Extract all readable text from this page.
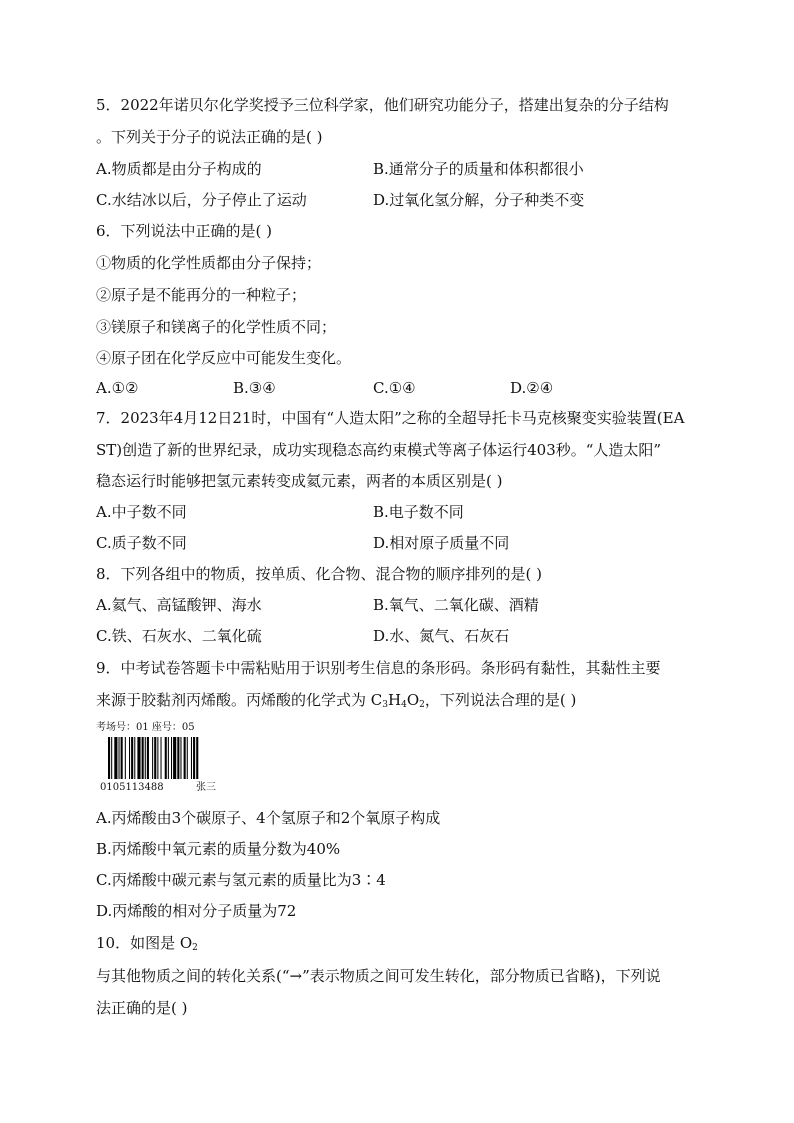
5．2022年诺贝尔化学奖授予三位科学家，他们研究功能分子，搭建出复杂的分子结构
。下列关于分子的说法正确的是( )
A.物质都是由分子构成的	B.通常分子的质量和体积都很小
C.水结冰以后，分子停止了运动	D.过氧化氢分解，分子种类不变
6．下列说法中正确的是( )
①物质的化学性质都由分子保持；
②原子是不能再分的一种粒子；
③镁原子和镁离子的化学性质不同；
④原子团在化学反应中可能发生变化。
A.①②	B.③④	C.①④	D.②④
7．2023年4月12日21时，中国有“人造太阳”之称的全超导托卡马克核聚变实验装置(EA
ST)创造了新的世界纪录，成功实现稳态高约束模式等离子体运行403秒。“人造太阳”
稳态运行时能够把氢元素转变成氦元素，两者的本质区别是( )
A.中子数不同	B.电子数不同
C.质子数不同	D.相对原子质量不同
8．下列各组中的物质，按单质、化合物、混合物的顺序排列的是( )
A.氦气、高锰酸钾、海水	B.氧气、二氧化碳、酒精
C.铁、石灰水、二氧化硫	D.水、氮气、石灰石
9．中考试卷答题卡中需粘贴用于识别考生信息的条形码。条形码有黏性，其黏性主要
来源于胶黏剂丙烯酸。丙烯酸的化学式为 $C_3H_4O_2$，下列说法合理的是( )
考场号：01 座号：05
0105113488	张三
A.丙烯酸由3个碳原子、4个氢原子和2个氧原子构成
B.丙烯酸中氧元素的质量分数为40%
C.丙烯酸中碳元素与氢元素的质量比为3∶4
D.丙烯酸的相对分子质量为72
10．如图是 $O_2$
与其他物质之间的转化关系(“→”表示物质之间可发生转化，部分物质已省略)，下列说
法正确的是( )
